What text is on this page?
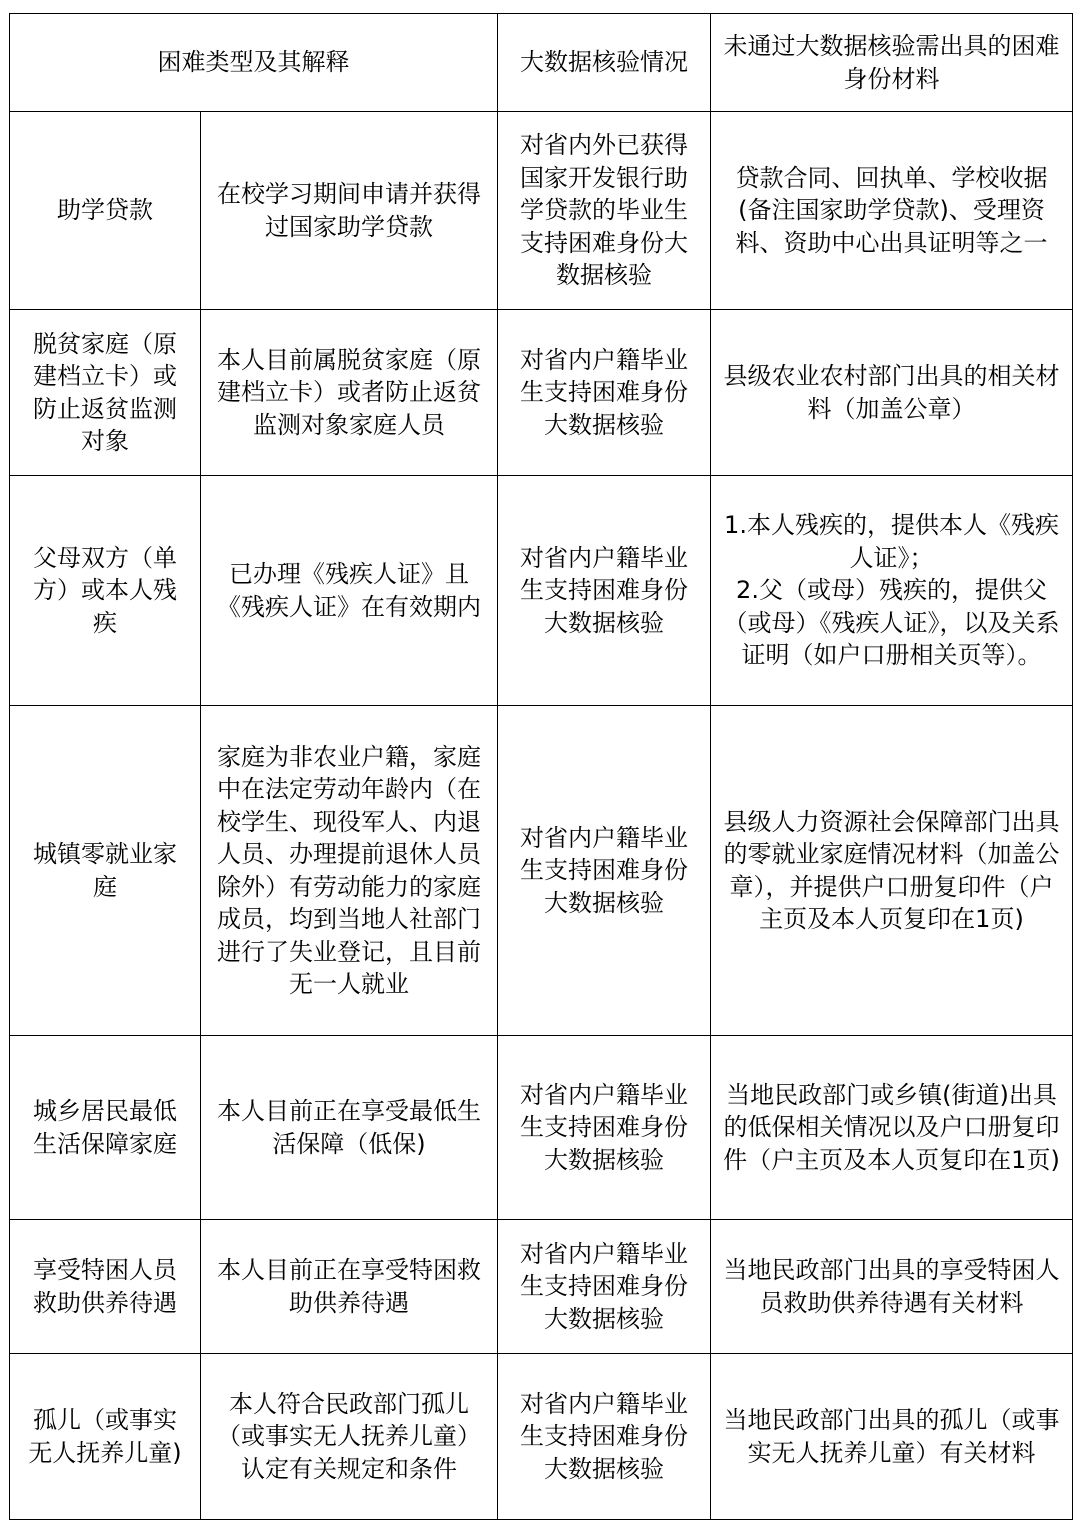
困难类型及其解释		大数据核验情况	未通过大数据核验需出具的困难身份材料
助学贷款	在校学习期间申请并获得过国家助学贷款	对省内外已获得国家开发银行助学贷款的毕业生支持困难身份大数据核验	贷款合同、回执单、学校收据(备注国家助学贷款)、受理资料、资助中心出具证明等之一
脱贫家庭（原建档立卡）或防止返贫监测对象	本人目前属脱贫家庭（原建档立卡）或者防止返贫监测对象家庭人员	对省内户籍毕业生支持困难身份大数据核验	县级农业农村部门出具的相关材料（加盖公章）
父母双方（单方）或本人残疾	已办理《残疾人证》且《残疾人证》在有效期内	对省内户籍毕业生支持困难身份大数据核验	1.本人残疾的，提供本人《残疾人证》；
2.父（或母）残疾的，提供父（或母）《残疾人证》，以及关系证明（如户口册相关页等）。

城镇零就业家庭	家庭为非农业户籍，家庭中在法定劳动年龄内（在校学生、现役军人、内退人员、办理提前退休人员除外）有劳动能力的家庭成员，均到当地人社部门进行了失业登记，且目前无一人就业	对省内户籍毕业生支持困难身份大数据核验	县级人力资源社会保障部门出具的零就业家庭情况材料（加盖公章），并提供户口册复印件（户主页及本人页复印在1页)
城乡居民最低生活保障家庭	本人目前正在享受最低生活保障（低保)	对省内户籍毕业生支持困难身份大数据核验	当地民政部门或乡镇(街道)出具的低保相关情况以及户口册复印件（户主页及本人页复印在1页)
享受特困人员救助供养待遇	本人目前正在享受特困救助供养待遇	对省内户籍毕业生支持困难身份大数据核验	当地民政部门出具的享受特困人员救助供养待遇有关材料
孤儿（或事实无人抚养儿童)	本人符合民政部门孤儿（或事实无人抚养儿童）认定有关规定和条件	对省内户籍毕业生支持困难身份大数据核验	当地民政部门出具的孤儿（或事实无人抚养儿童）有关材料
